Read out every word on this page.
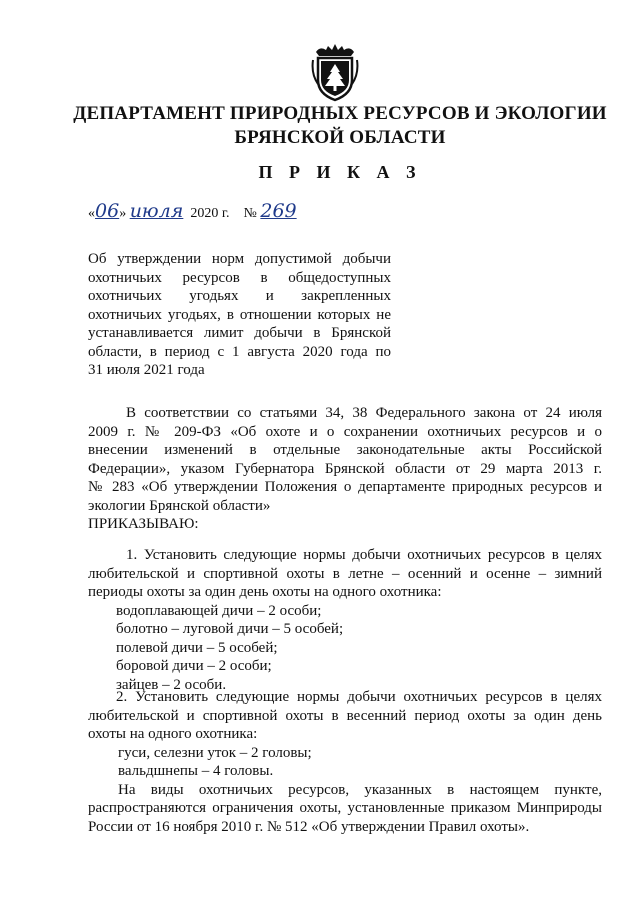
ДЕПАРТАМЕНТ ПРИРОДНЫХ РЕСУРСОВ И ЭКОЛОГИИ
БРЯНСКОЙ ОБЛАСТИ
П Р И К А З
«06» июля 2020 г. № 269
Об утверждении норм допустимой добычи
охотничьих ресурсов в общедоступных
охотничьих угодьях и закрепленных
охотничьих угодьях, в отношении которых не
устанавливается лимит добычи в Брянской
области, в период с 1 августа 2020 года по
31 июля 2021 года
В соответствии со статьями 34, 38 Федерального закона от 24 июля
2009 г. № 209-ФЗ «Об охоте и о сохранении охотничьих ресурсов и о
внесении изменений в отдельные законодательные акты Российской
Федерации», указом Губернатора Брянской области от 29 марта 2013 г.
№ 283 «Об утверждении Положения о департаменте природных ресурсов и
экологии Брянской области»
ПРИКАЗЫВАЮ:
1. Установить следующие нормы добычи охотничьих ресурсов в целях
любительской и спортивной охоты в летне – осенний и осенне – зимний
периоды охоты за один день охоты на одного охотника:
водоплавающей дичи – 2 особи;
болотно – луговой дичи – 5 особей;
полевой дичи – 5 особей;
боровой дичи – 2 особи;
зайцев – 2 особи.
2. Установить следующие нормы добычи охотничьих ресурсов в целях
любительской и спортивной охоты в весенний период охоты за один день
охоты на одного охотника:
гуси, селезни уток – 2 головы;
вальдшнепы – 4 головы.
На виды охотничьих ресурсов, указанных в настоящем пункте,
распространяются ограничения охоты, установленные приказом Минприроды
России от 16 ноября 2010 г. № 512 «Об утверждении Правил охоты».
